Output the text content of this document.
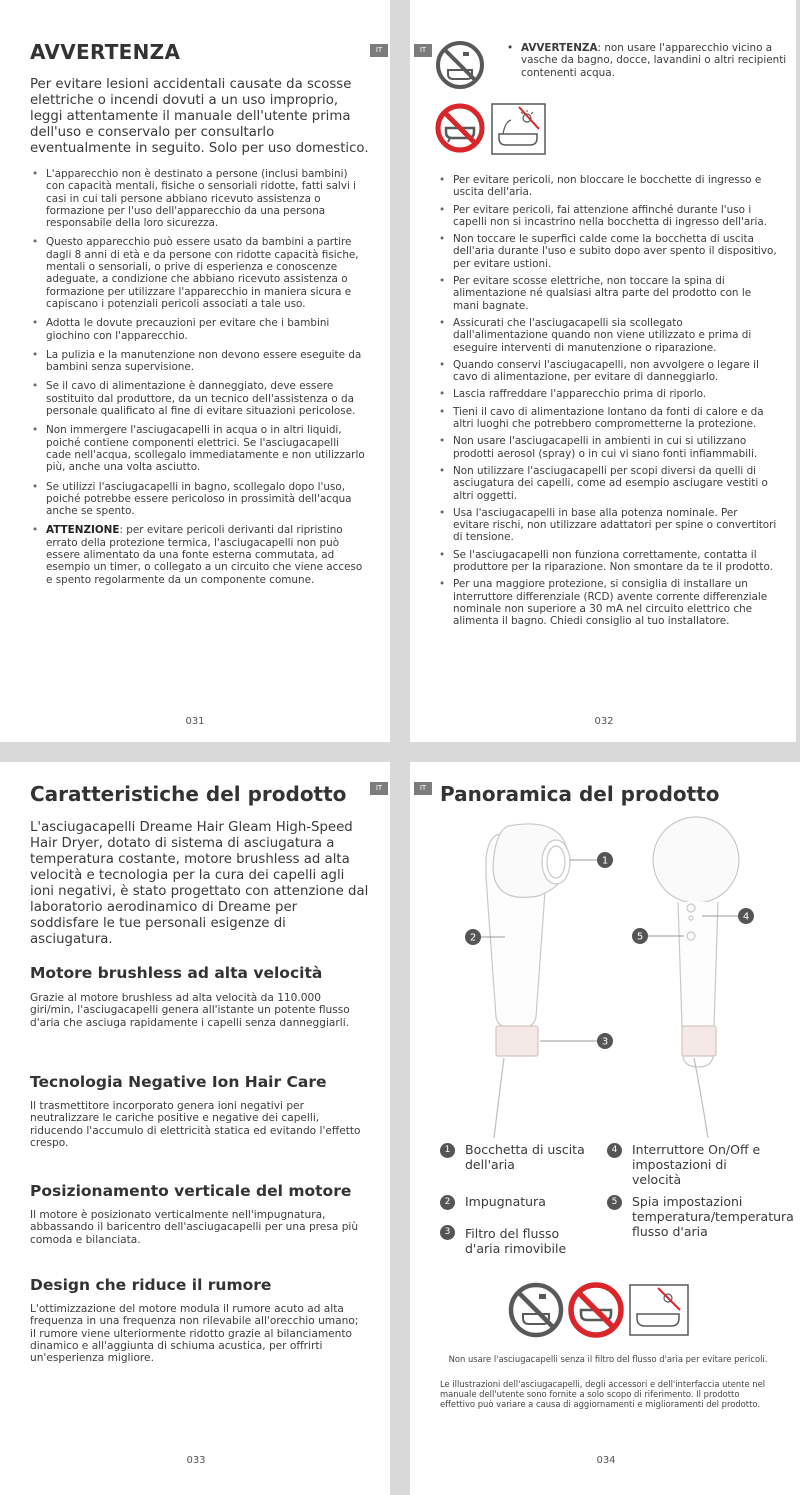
IT
AVVERTENZA

Per evitare lesioni accidentali causate da scosse elettriche o incendi dovuti a un uso improprio, leggi attentamente il manuale dell'utente prima dell'uso e conservalo per consultarlo eventualmente in seguito. Solo per uso domestico.

• L'apparecchio non è destinato a persone (inclusi bambini) con capacità mentali, fisiche o sensoriali ridotte, fatti salvi i casi in cui tali persone abbiano ricevuto assistenza o formazione per l'uso dell'apparecchio da una persona responsabile della loro sicurezza.
• Questo apparecchio può essere usato da bambini a partire dagli 8 anni di età e da persone con ridotte capacità fisiche, mentali o sensoriali, o prive di esperienza e conoscenze adeguate, a condizione che abbiano ricevuto assistenza o formazione per utilizzare l'apparecchio in maniera sicura e capiscano i potenziali pericoli associati a tale uso.
• Adotta le dovute precauzioni per evitare che i bambini giochino con l'apparecchio.
• La pulizia e la manutenzione non devono essere eseguite da bambini senza supervisione.
• Se il cavo di alimentazione è danneggiato, deve essere sostituito dal produttore, da un tecnico dell'assistenza o da personale qualificato al fine di evitare situazioni pericolose.
• Non immergere l'asciugacapelli in acqua o in altri liquidi, poiché contiene componenti elettrici. Se l'asciugacapelli cade nell'acqua, scollegalo immediatamente e non utilizzarlo più, anche una volta asciutto.
• Se utilizzi l'asciugacapelli in bagno, scollegalo dopo l'uso, poiché potrebbe essere pericoloso in prossimità dell'acqua anche se spento.
• ATTENZIONE: per evitare pericoli derivanti dal ripristino errato della protezione termica, l'asciugacapelli non può essere alimentato da una fonte esterna commutata, ad esempio un timer, o collegato a un circuito che viene acceso e spento regolarmente da un componente comune.
031
IT

•	AVVERTENZA: non usare l'apparecchio vicino a vasche da bagno, docce, lavandini o altri recipienti contenenti acqua.

• Per evitare pericoli, non bloccare le bocchette di ingresso e uscita dell'aria.
• Per evitare pericoli, fai attenzione affinché durante l'uso i capelli non si incastrino nella bocchetta di ingresso dell'aria.
• Non toccare le superfici calde come la bocchetta di uscita dell'aria durante l'uso e subito dopo aver spento il dispositivo, per evitare ustioni.
• Per evitare scosse elettriche, non toccare la spina di alimentazione né qualsiasi altra parte del prodotto con le mani bagnate.
• Assicurati che l'asciugacapelli sia scollegato dall'alimentazione quando non viene utilizzato e prima di eseguire interventi di manutenzione o riparazione.
• Quando conservi l'asciugacapelli, non avvolgere o legare il cavo di alimentazione, per evitare di danneggiarlo.
• Lascia raffreddare l'apparecchio prima di riporlo.
• Tieni il cavo di alimentazione lontano da fonti di calore e da altri luoghi che potrebbero comprometterne la protezione.
• Non usare l'asciugacapelli in ambienti in cui si utilizzano prodotti aerosol (spray) o in cui vi siano fonti infiammabili.
• Non utilizzare l'asciugacapelli per scopi diversi da quelli di asciugatura dei capelli, come ad esempio asciugare vestiti o altri oggetti.
• Usa l'asciugacapelli in base alla potenza nominale. Per evitare rischi, non utilizzare adattatori per spine o convertitori di tensione.
• Se l'asciugacapelli non funziona correttamente, contatta il produttore per la riparazione. Non smontare da te il prodotto.
• Per una maggiore protezione, si consiglia di installare un interruttore differenziale (RCD) avente corrente differenziale nominale non superiore a 30 mA nel circuito elettrico che alimenta il bagno. Chiedi consiglio al tuo installatore.
032
IT
Caratteristiche del prodotto

L'asciugacapelli Dreame Hair Gleam High-Speed Hair Dryer, dotato di sistema di asciugatura a temperatura costante, motore brushless ad alta velocità e tecnologia per la cura dei capelli agli ioni negativi, è stato progettato con attenzione dal laboratorio aerodinamico di Dreame per soddisfare le tue personali esigenze di asciugatura.

Motore brushless ad alta velocità

Grazie al motore brushless ad alta velocità da 110.000 giri/min, l'asciugacapelli genera all'istante un potente flusso d'aria che asciuga rapidamente i capelli senza danneggiarli.

Tecnologia Negative Ion Hair Care

Il trasmettitore incorporato genera ioni negativi per neutralizzare le cariche positive e negative dei capelli, riducendo l'accumulo di elettricità statica ed evitando l'effetto crespo.

Posizionamento verticale del motore

Il motore è posizionato verticalmente nell'impugnatura, abbassando il baricentro dell'asciugacapelli per una presa più comoda e bilanciata.

Design che riduce il rumore

L'ottimizzazione del motore modula il rumore acuto ad alta frequenza in una frequenza non rilevabile all'orecchio umano; il rumore viene ulteriormente ridotto grazie al bilanciamento dinamico e all'aggiunta di schiuma acustica, per offrirti un'esperienza migliore.

033
IT Panoramica del prodotto
1
2
3
4
5
1	Bocchetta di uscita dell'aria
2	Impugnatura
3	Filtro del flusso d'aria rimovibile
4	Interruttore On/Off e impostazioni di velocità
5	Spia impostazioni temperatura/temperatura flusso d'aria

Non usare l'asciugacapelli senza il filtro del flusso d'aria per evitare pericoli.

Le illustrazioni dell'asciugacapelli, degli accessori e dell'interfaccia utente nel manuale dell'utente sono fornite a solo scopo di riferimento. Il prodotto effettivo può variare a causa di aggiornamenti e miglioramenti del prodotto.

034
